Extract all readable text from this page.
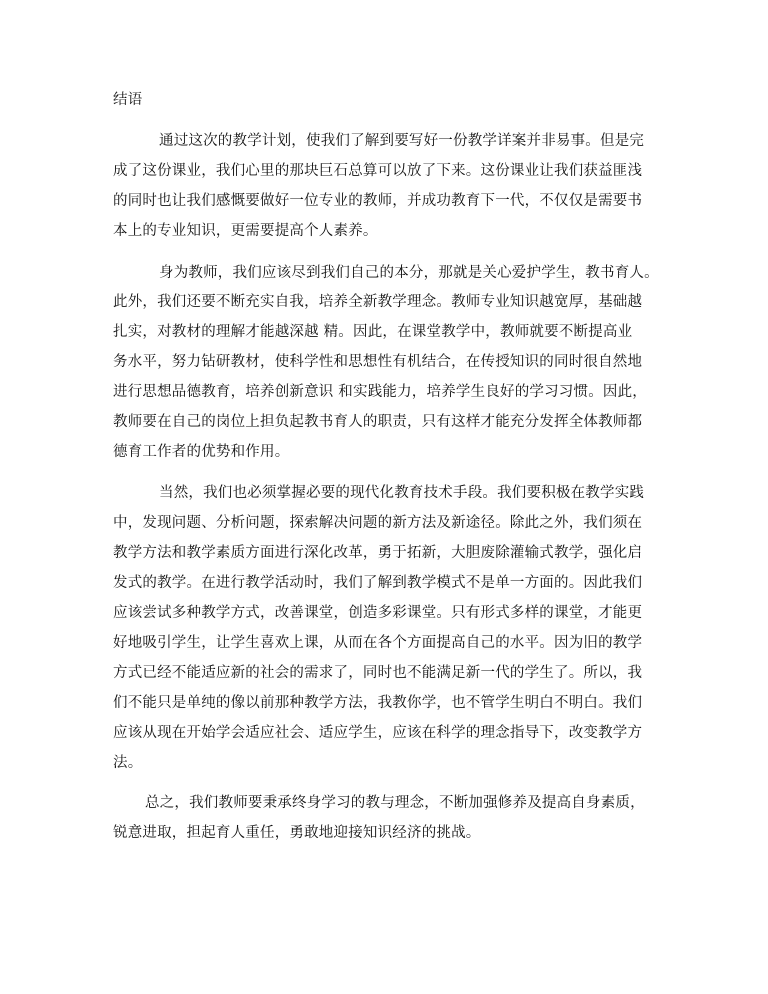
结语
通过这次的教学计划，使我们了解到要写好一份教学详案并非易事。但是完
成了这份课业，我们心里的那块巨石总算可以放了下来。这份课业让我们获益匪浅
的同时也让我们感慨要做好一位专业的教师，并成功教育下一代，不仅仅是需要书
本上的专业知识，更需要提高个人素养。
身为教师，我们应该尽到我们自己的本分，那就是关心爱护学生，教书育人。
此外，我们还要不断充实自我，培养全新教学理念。教师专业知识越宽厚，基础越
扎实，对教材的理解才能越深越 精。因此，在课堂教学中，教师就要不断提高业
务水平，努力钻研教材，使科学性和思想性有机结合，在传授知识的同时很自然地
进行思想品德教育，培养创新意识 和实践能力，培养学生良好的学习习惯。因此，
教师要在自己的岗位上担负起教书育人的职责，只有这样才能充分发挥全体教师都
德育工作者的优势和作用。
当然，我们也必须掌握必要的现代化教育技术手段。我们要积极在教学实践
中，发现问题、分析问题，探索解决问题的新方法及新途径。除此之外，我们须在
教学方法和教学素质方面进行深化改革，勇于拓新，大胆废除灌输式教学，强化启
发式的教学。在进行教学活动时，我们了解到教学模式不是单一方面的。因此我们
应该尝试多种教学方式，改善课堂，创造多彩课堂。只有形式多样的课堂，才能更
好地吸引学生，让学生喜欢上课，从而在各个方面提高自己的水平。因为旧的教学
方式已经不能适应新的社会的需求了，同时也不能满足新一代的学生了。所以，我
们不能只是单纯的像以前那种教学方法，我教你学，也不管学生明白不明白。我们
应该从现在开始学会适应社会、适应学生，应该在科学的理念指导下，改变教学方
法。
总之，我们教师要秉承终身学习的教与理念，不断加强修养及提高自身素质，
锐意进取，担起育人重任，勇敢地迎接知识经济的挑战。
